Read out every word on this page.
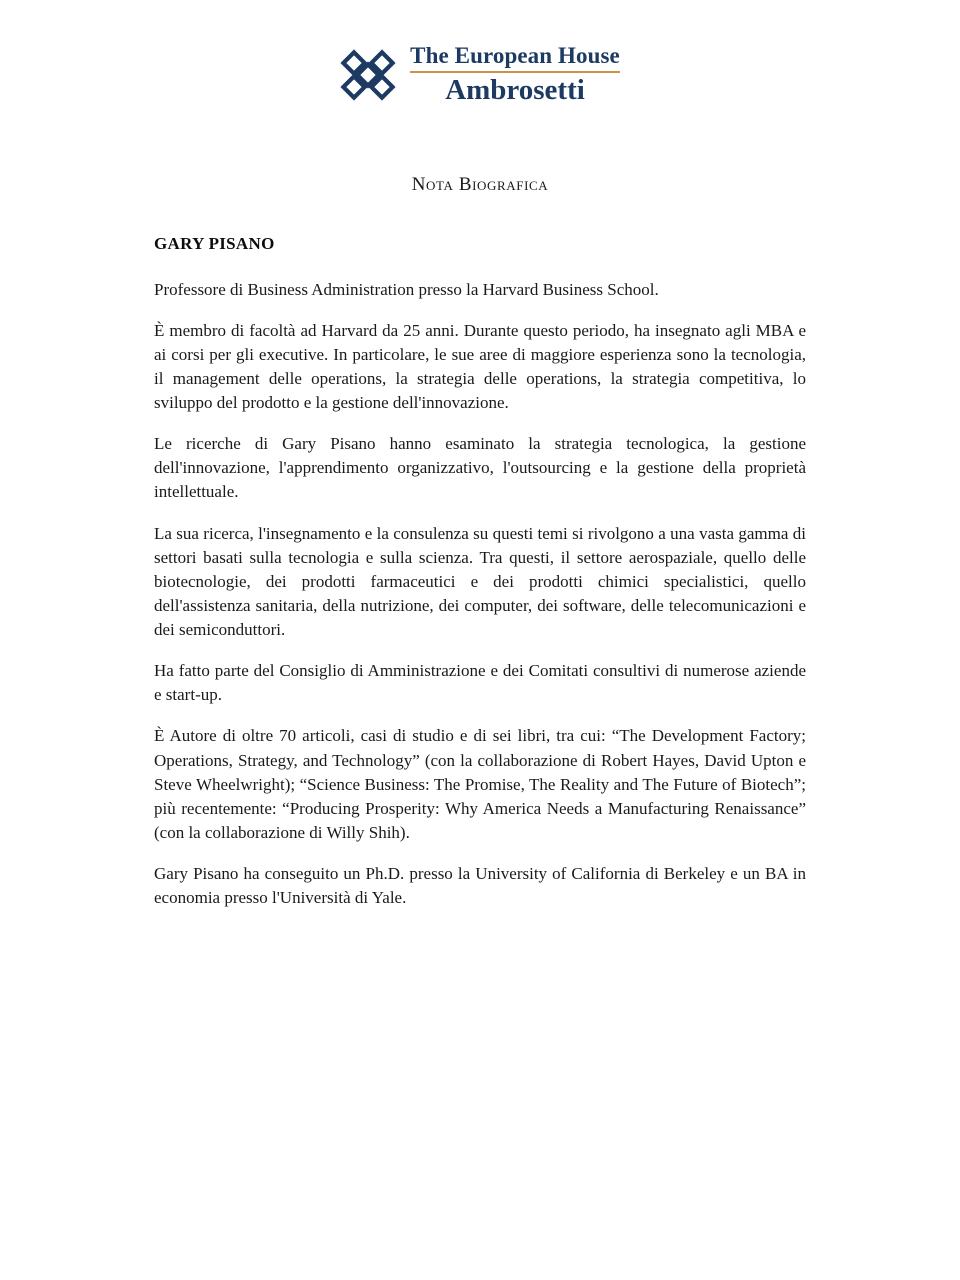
The European House
Ambrosetti
Nota Biografica
GARY PISANO

Professore di Business Administration presso la Harvard Business School.

È membro di facoltà ad Harvard da 25 anni. Durante questo periodo, ha insegnato agli MBA e ai corsi per gli executive. In particolare, le sue aree di maggiore esperienza sono la tecnologia, il management delle operations, la strategia delle operations, la strategia competitiva, lo sviluppo del prodotto e la gestione dell'innovazione.

Le ricerche di Gary Pisano hanno esaminato la strategia tecnologica, la gestione dell'innovazione, l'apprendimento organizzativo, l'outsourcing e la gestione della proprietà intellettuale.

La sua ricerca, l'insegnamento e la consulenza su questi temi si rivolgono a una vasta gamma di settori basati sulla tecnologia e sulla scienza. Tra questi, il settore aerospaziale, quello delle biotecnologie, dei prodotti farmaceutici e dei prodotti chimici specialistici, quello dell'assistenza sanitaria, della nutrizione, dei computer, dei software, delle telecomunicazioni e dei semiconduttori.

Ha fatto parte del Consiglio di Amministrazione e dei Comitati consultivi di numerose aziende e start-up.

È Autore di oltre 70 articoli, casi di studio e di sei libri, tra cui: “The Development Factory; Operations, Strategy, and Technology” (con la collaborazione di Robert Hayes, David Upton e Steve Wheelwright); “Science Business: The Promise, The Reality and The Future of Biotech”; più recentemente: “Producing Prosperity: Why America Needs a Manufacturing Renaissance” (con la collaborazione di Willy Shih).

Gary Pisano ha conseguito un Ph.D. presso la University of California di Berkeley e un BA in economia presso l'Università di Yale.
